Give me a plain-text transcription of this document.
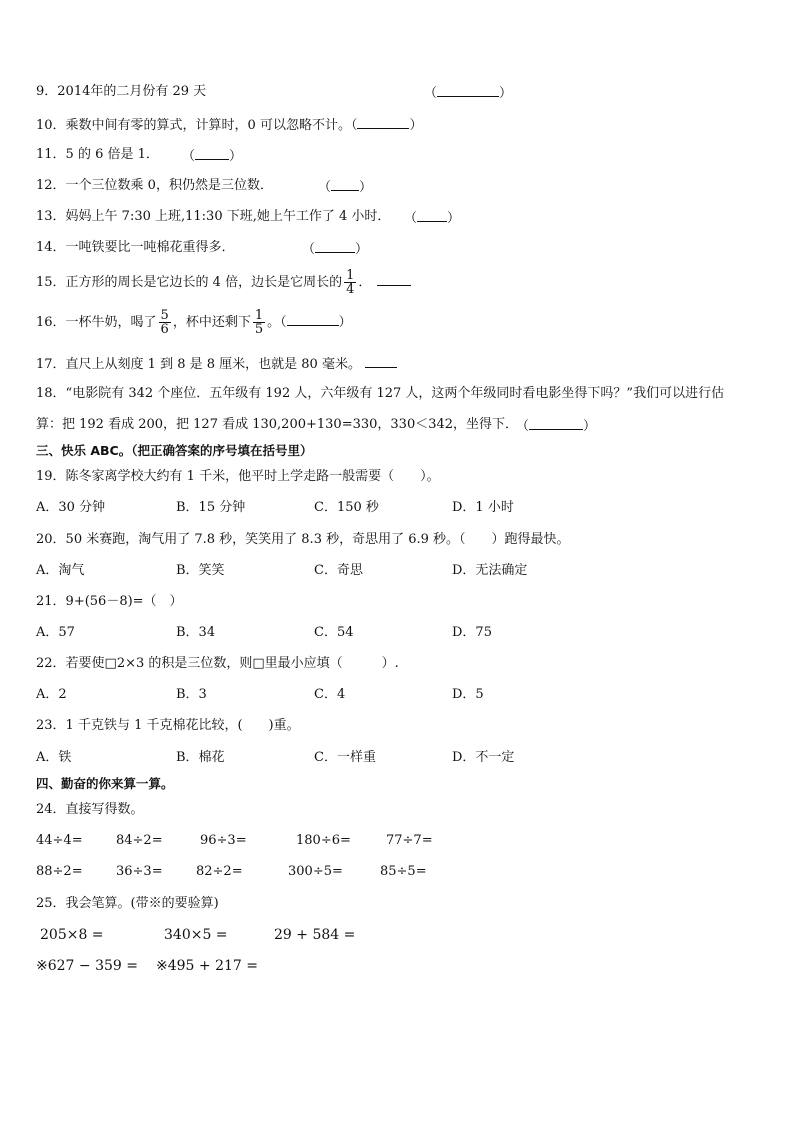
9．2014年的二月份有 29 天	（	）
10．乘数中间有零的算式，计算时，0 可以忽略不计。（	）
11．5 的 6 倍是 1． （	）
12．一个三位数乘 0，积仍然是三位数．	（ ）
13．妈妈上午 7:30 上班,11:30 下班,她上午工作了 4 小时． （ ）
14．一吨铁要比一吨棉花重得多．	（	）
15．正方形的周长是它边长的 4 倍，边长是它周长的 $\frac{1}{4}$ ．
16．一杯牛奶，喝了 $\frac{5}{6}$ ，杯中还剩下 $\frac{1}{5}$ 。（	）
17．直尺上从刻度 1 到 8 是 8 厘米，也就是 80 毫米。
18．“电影院有 342 个座位．五年级有 192 人，六年级有 127 人，这两个年级同时看电影坐得下吗？”我们可以进行估
算：把 192 看成 200，把 127 看成 130,200+130=330，330＜342，坐得下．
（	）
三、快乐 ABC。（把正确答案的序号填在括号里）
19．陈冬家离学校大约有 1 千米，他平时上学走路一般需要（　　）。
A．30 分钟	B．15 分钟	C．150 秒	D．1 小时
20．50 米赛跑，淘气用了 7.8 秒，笑笑用了 8.3 秒，奇思用了 6.9 秒。（　　）跑得最快。
A．淘气	B．笑笑	C．奇思	D．无法确定
21．9+(56－8)=（　）
A．57	B．34	C．54	D．75
22．若要使□2×3 的积是三位数，则□里最小应填（　　　）.
A．2	B．3	C．4	D．5
23．1 千克铁与 1 千克棉花比较，(　　)重。
A．铁	B．棉花	C．一样重	D．不一定
四、勤奋的你来算一算。
24．直接写得数。
44÷4=	84÷2=	96÷3=	180÷6=	77÷7=
88÷2=	36÷3=	82÷2=	300÷5=	85÷5=
25．我会笔算。(带※的要验算)
205×8 =	340×5 =	29 + 584 =
※627 − 359 = ※495 + 217 =
